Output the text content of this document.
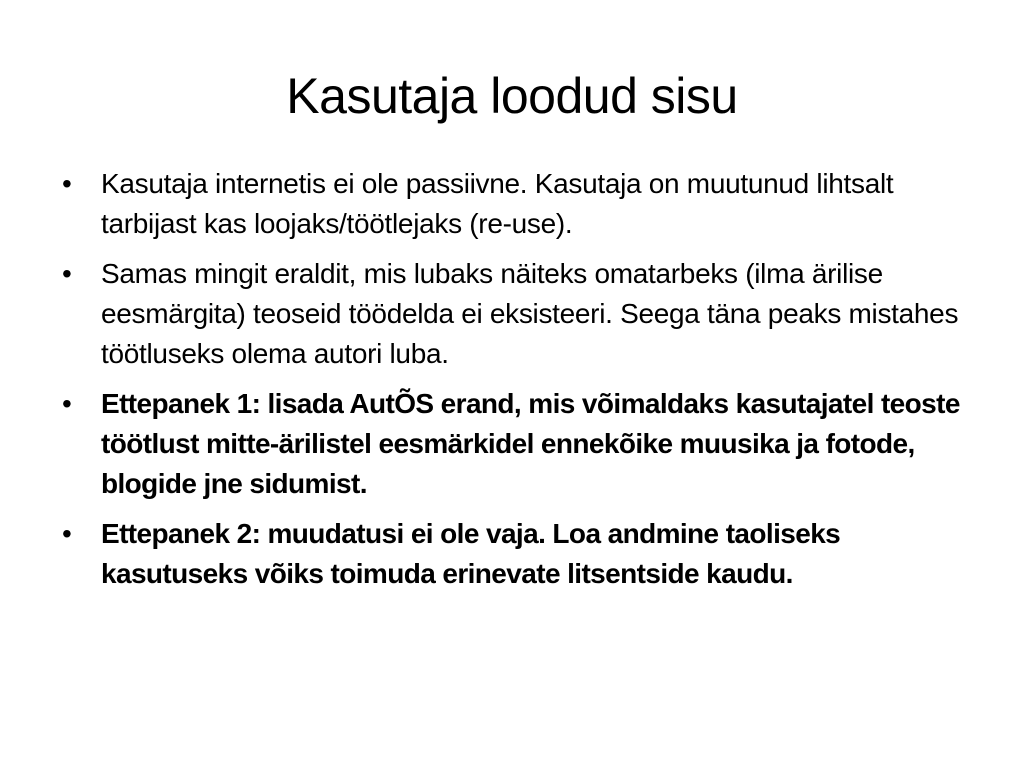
Kasutaja loodud sisu
•	Kasutaja internetis ei ole passiivne. Kasutaja on muutunud lihtsalt tarbijast kas loojaks/töötlejaks (re-use).
•	Samas mingit eraldit, mis lubaks näiteks omatarbeks (ilma ärilise eesmärgita) teoseid töödelda ei eksisteeri. Seega täna peaks mistahes töötluseks olema autori luba.
•	Ettepanek 1: lisada AutÕS erand, mis võimaldaks kasutajatel teoste töötlust mitte-ärilistel eesmärkidel ennekõike muusika ja fotode, blogide jne sidumist.
•	Ettepanek 2: muudatusi ei ole vaja. Loa andmine taoliseks kasutuseks võiks toimuda erinevate litsentside kaudu.
